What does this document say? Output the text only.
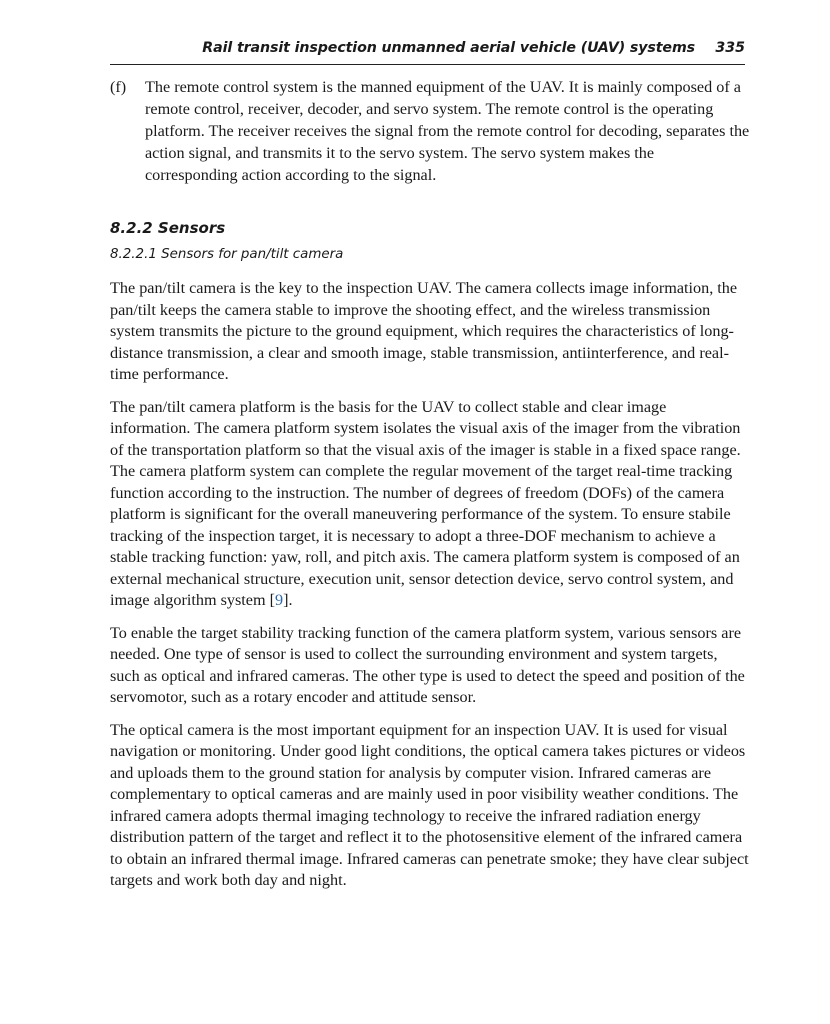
Rail transit inspection unmanned aerial vehicle (UAV) systems 335
(f) The remote control system is the manned equipment of the UAV. It is mainly composed of a remote control, receiver, decoder, and servo system. The remote control is the operating platform. The receiver receives the signal from the remote control for decoding, separates the action signal, and transmits it to the servo system. The servo system makes the corresponding action according to the signal.
8.2.2 Sensors
8.2.2.1 Sensors for pan/tilt camera

The pan/tilt camera is the key to the inspection UAV. The camera collects image information, the pan/tilt keeps the camera stable to improve the shooting effect, and the wireless transmission system transmits the picture to the ground equipment, which requires the characteristics of long-distance transmission, a clear and smooth image, stable transmission, antiinterference, and real-time performance.

The pan/tilt camera platform is the basis for the UAV to collect stable and clear image information. The camera platform system isolates the visual axis of the imager from the vibration of the transportation platform so that the visual axis of the imager is stable in a fixed space range. The camera platform system can complete the regular movement of the target real-time tracking function according to the instruction. The number of degrees of freedom (DOFs) of the camera platform is significant for the overall maneuvering performance of the system. To ensure stabile tracking of the inspection target, it is necessary to adopt a three-DOF mechanism to achieve a stable tracking function: yaw, roll, and pitch axis. The camera platform system is composed of an external mechanical structure, execution unit, sensor detection device, servo control system, and image algorithm system [9].

To enable the target stability tracking function of the camera platform system, various sensors are needed. One type of sensor is used to collect the surrounding environment and system targets, such as optical and infrared cameras. The other type is used to detect the speed and position of the servomotor, such as a rotary encoder and attitude sensor.

The optical camera is the most important equipment for an inspection UAV. It is used for visual navigation or monitoring. Under good light conditions, the optical camera takes pictures or videos and uploads them to the ground station for analysis by computer vision. Infrared cameras are complementary to optical cameras and are mainly used in poor visibility weather conditions. The infrared camera adopts thermal imaging technology to receive the infrared radiation energy distribution pattern of the target and reflect it to the photosensitive element of the infrared camera to obtain an infrared thermal image. Infrared cameras can penetrate smoke; they have clear subject targets and work both day and night.
